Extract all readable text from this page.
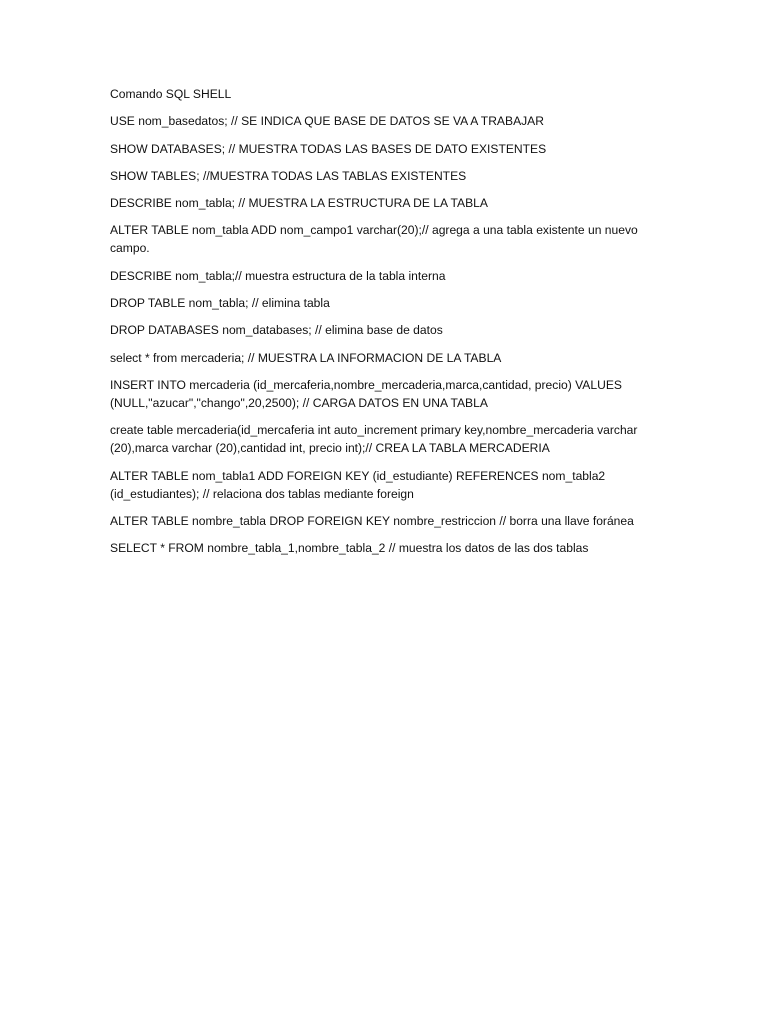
Comando SQL SHELL
USE nom_basedatos; // SE INDICA QUE BASE DE DATOS SE VA A TRABAJAR
SHOW DATABASES; // MUESTRA TODAS LAS BASES DE DATO EXISTENTES
SHOW TABLES; //MUESTRA TODAS LAS TABLAS EXISTENTES
DESCRIBE nom_tabla; // MUESTRA LA ESTRUCTURA DE LA TABLA
ALTER TABLE nom_tabla ADD nom_campo1 varchar(20);// agrega a una tabla existente un nuevo campo.
DESCRIBE nom_tabla;// muestra estructura de la tabla interna
DROP TABLE nom_tabla; // elimina tabla
DROP DATABASES nom_databases; // elimina base de datos
select * from mercaderia; // MUESTRA LA INFORMACION DE LA TABLA
INSERT INTO mercaderia (id_mercaferia,nombre_mercaderia,marca,cantidad, precio) VALUES (NULL,"azucar","chango",20,2500); // CARGA DATOS EN UNA TABLA
create table mercaderia(id_mercaferia int auto_increment primary key,nombre_mercaderia varchar (20),marca varchar (20),cantidad int, precio int);// CREA LA TABLA MERCADERIA
ALTER TABLE nom_tabla1 ADD FOREIGN KEY (id_estudiante) REFERENCES nom_tabla2 (id_estudiantes); // relaciona dos tablas mediante foreign
ALTER TABLE nombre_tabla DROP FOREIGN KEY nombre_restriccion // borra una llave foránea
SELECT * FROM nombre_tabla_1,nombre_tabla_2 // muestra los datos de las dos tablas
